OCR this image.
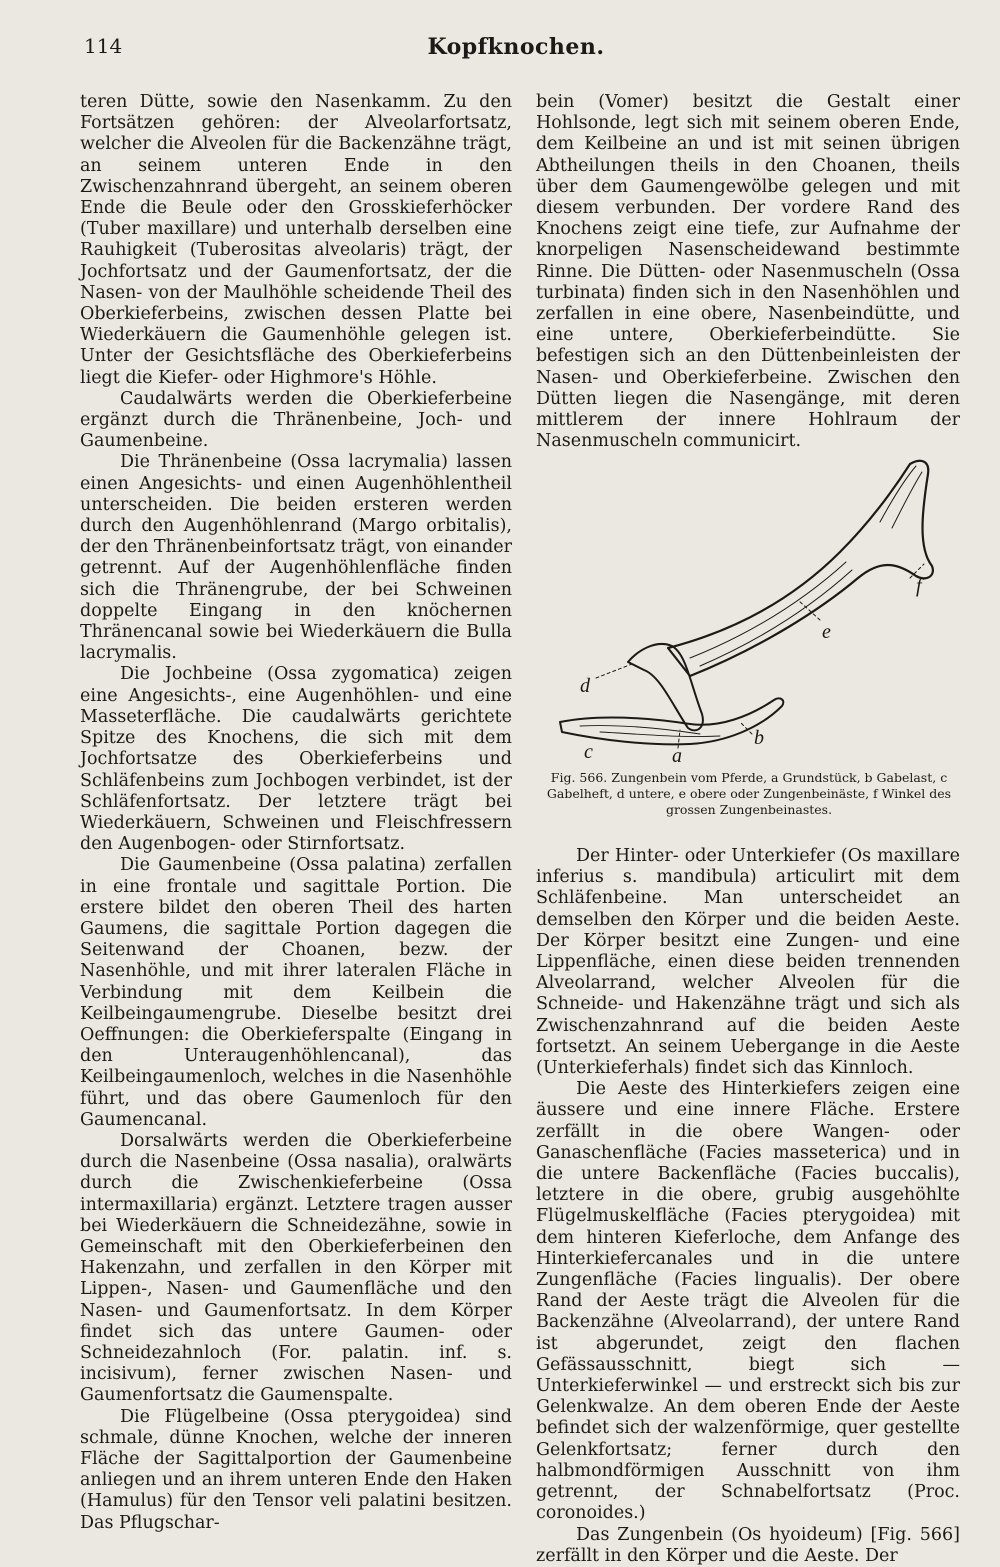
114	Kopfknochen.

teren Dütte, sowie den Nasenkamm. Zu den Fortsätzen gehören: der Alveolarfortsatz, welcher die Alveolen für die Backenzähne trägt, an seinem unteren Ende in den Zwischenzahnrand übergeht, an seinem oberen Ende die Beule oder den Grosskieferhöcker (Tuber maxillare) und unterhalb derselben eine Rauhigkeit (Tuberositas alveolaris) trägt, der Jochfortsatz und der Gaumenfortsatz, der die Nasen- von der Maulhöhle scheidende Theil des Oberkieferbeins, zwischen dessen Platte bei Wiederkäuern die Gaumenhöhle gelegen ist. Unter der Gesichtsfläche des Oberkieferbeins liegt die Kiefer- oder Highmore's Höhle.

Caudalwärts werden die Oberkieferbeine ergänzt durch die Thränenbeine, Joch- und Gaumenbeine.

Die Thränenbeine (Ossa lacrymalia) lassen einen Angesichts- und einen Augenhöhlentheil unterscheiden. Die beiden ersteren werden durch den Augenhöhlenrand (Margo orbitalis), der den Thränenbeinfortsatz trägt, von einander getrennt. Auf der Augenhöhlenfläche finden sich die Thränengrube, der bei Schweinen doppelte Eingang in den knöchernen Thränencanal sowie bei Wiederkäuern die Bulla lacrymalis.

Die Jochbeine (Ossa zygomatica) zeigen eine Angesichts-, eine Augenhöhlen- und eine Masseterfläche. Die caudalwärts gerichtete Spitze des Knochens, die sich mit dem Jochfortsatze des Oberkieferbeins und Schläfenbeins zum Jochbogen verbindet, ist der Schläfenfortsatz. Der letztere trägt bei Wiederkäuern, Schweinen und Fleischfressern den Augenbogen- oder Stirnfortsatz.

Die Gaumenbeine (Ossa palatina) zerfallen in eine frontale und sagittale Portion. Die erstere bildet den oberen Theil des harten Gaumens, die sagittale Portion dagegen die Seitenwand der Choanen, bezw. der Nasenhöhle, und mit ihrer lateralen Fläche in Verbindung mit dem Keilbein die Keilbeingaumengrube. Dieselbe besitzt drei Oeffnungen: die Oberkieferspalte (Eingang in den Unteraugenhöhlencanal), das Keilbeingaumenloch, welches in die Nasenhöhle führt, und das obere Gaumenloch für den Gaumencanal.

Dorsalwärts werden die Oberkieferbeine durch die Nasenbeine (Ossa nasalia), oralwärts durch die Zwischenkieferbeine (Ossa intermaxillaria) ergänzt. Letztere tragen ausser bei Wiederkäuern die Schneidezähne, sowie in Gemeinschaft mit den Oberkieferbeinen den Hakenzahn, und zerfallen in den Körper mit Lippen-, Nasen- und Gaumenfläche und den Nasen- und Gaumenfortsatz. In dem Körper findet sich das untere Gaumen- oder Schneidezahnloch (For. palatin. inf. s. incisivum), ferner zwischen Nasen- und Gaumenfortsatz die Gaumenspalte.

Die Flügelbeine (Ossa pterygoidea) sind schmale, dünne Knochen, welche der inneren Fläche der Sagittalportion der Gaumenbeine anliegen und an ihrem unteren Ende den Haken (Hamulus) für den Tensor veli palatini besitzen. Das Pflugschar-

bein (Vomer) besitzt die Gestalt einer Hohlsonde, legt sich mit seinem oberen Ende, dem Keilbeine an und ist mit seinen übrigen Abtheilungen theils in den Choanen, theils über dem Gaumengewölbe gelegen und mit diesem verbunden. Der vordere Rand des Knochens zeigt eine tiefe, zur Aufnahme der knorpeligen Nasenscheidewand bestimmte Rinne. Die Dütten- oder Nasenmuscheln (Ossa turbinata) finden sich in den Nasenhöhlen und zerfallen in eine obere, Nasenbeindütte, und eine untere, Oberkieferbeindütte. Sie befestigen sich an den Düttenbeinleisten der Nasen- und Oberkieferbeine. Zwischen den Dütten liegen die Nasengänge, mit deren mittlerem der innere Hohlraum der Nasenmuscheln communicirt.

d
e
f
c	a
b
Fig. 566. Zungenbein vom Pferde, a Grundstück, b Gabelast, c Gabelheft, d untere, e obere oder Zungenbeinäste, f Winkel des grossen Zungenbeinastes.

Der Hinter- oder Unterkiefer (Os maxillare inferius s. mandibula) articulirt mit dem Schläfenbeine. Man unterscheidet an demselben den Körper und die beiden Aeste. Der Körper besitzt eine Zungen- und eine Lippenfläche, einen diese beiden trennenden Alveolarrand, welcher Alveolen für die Schneide- und Hakenzähne trägt und sich als Zwischenzahnrand auf die beiden Aeste fortsetzt. An seinem Uebergange in die Aeste (Unterkieferhals) findet sich das Kinnloch.

Die Aeste des Hinterkiefers zeigen eine äussere und eine innere Fläche. Erstere zerfällt in die obere Wangen- oder Ganaschenfläche (Facies masseterica) und in die untere Backenfläche (Facies buccalis), letztere in die obere, grubig ausgehöhlte Flügelmuskelfläche (Facies pterygoidea) mit dem hinteren Kieferloche, dem Anfange des Hinterkiefercanales und in die untere Zungenfläche (Facies lingualis). Der obere Rand der Aeste trägt die Alveolen für die Backenzähne (Alveolarrand), der untere Rand ist abgerundet, zeigt den flachen Gefässausschnitt, biegt sich — Unterkieferwinkel — und erstreckt sich bis zur Gelenkwalze. An dem oberen Ende der Aeste befindet sich der walzenförmige, quer gestellte Gelenkfortsatz; ferner durch den halbmondförmigen Ausschnitt von ihm getrennt, der Schnabelfortsatz (Proc. coronoides.)

Das Zungenbein (Os hyoideum) [Fig. 566] zerfällt in den Körper und die Aeste. Der
